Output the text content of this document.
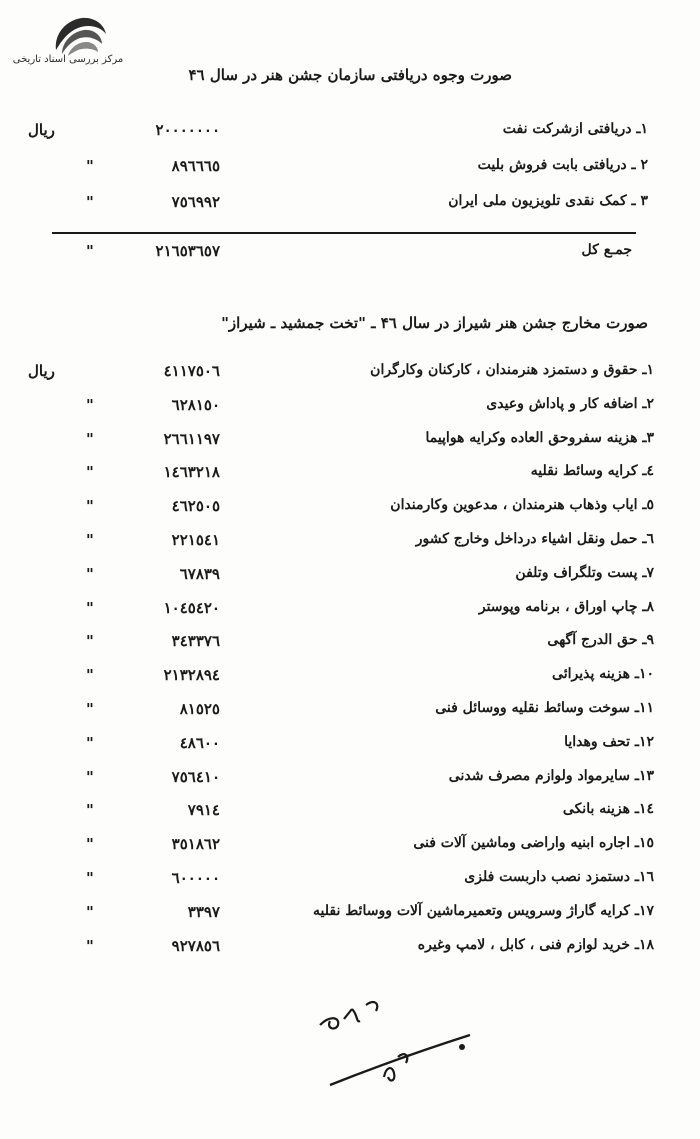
مرکز بررسی اسناد تاریخی
صورت وجوه دریافتی سازمان جشن هنر در سال ۴٦
۱ـ دریافتی ازشرکت نفت
۲۰۰۰۰۰۰۰
ریال
۲ ـ دریافتی بابت فروش بلیت
۸۹٦٦٦٥
"
۳ ـ کمک نقدی تلویزیون ملی ایران
۷٥٦۹۹۲
"
جمـع کل
۲۱٦٥۳٦٥۷
"
صورت مخارج جشن هنر شیراز در سال ۴٦ ـ "تخت جمشید ـ شیراز"
۱ـ حقوق و دستمزد هنرمندان ، کارکنان وکارگران
٤۱۱۷٥۰٦
ریال
۲ـ اضافه کار و پاداش وعیدی
٦۲۸۱٥۰
"
۳ـ هزینه سفروحق العاده وکرایه هواپیما
۲٦٦۱۱۹۷
"
٤ـ کرایه وسائط نقلیه
۱٤٦۳۲۱۸
"
٥ـ ایاب وذهاب هنرمندان ، مدعوین وکارمندان
٤٦۲٥۰٥
"
٦ـ حمل ونقل اشیاء درداخل وخارج کشور
۲۲۱٥٤۱
"
۷ـ پست وتلگراف وتلفن
٦۷۸۳۹
"
۸ـ چاپ اوراق ، برنامه وپوستر
۱۰٤٥٤۲۰
"
۹ـ حق الدرج آگهی
۳٤۳۳۷٦
"
۱۰ـ هزینه پذیرائی
۲۱۳۲۸۹٤
"
۱۱ـ سوخت وسائط نقلیه ووسائل فنی
۸۱٥۲٥
"
۱۲ـ تحف وهدایا
٤۸٦۰۰
"
۱۳ـ سایرمواد ولوازم مصرف شدنی
۷٥٦٤۱۰
"
۱٤ـ هزینه بانکی
۷۹۱٤
"
۱٥ـ اجاره ابنیه واراضی وماشین آلات فنی
۳٥۱۸٦۲
"
۱٦ـ دستمزد نصب داربست فلزی
٦۰۰۰۰۰
"
۱۷ـ کرایه گاراژ وسرویس وتعمیرماشین آلات ووسائط نقلیه
۳۳۹۷
"
۱۸ـ خرید لوازم فنی ، کابل ، لامپ وغیره
۹۲۷۸٥٦
"
